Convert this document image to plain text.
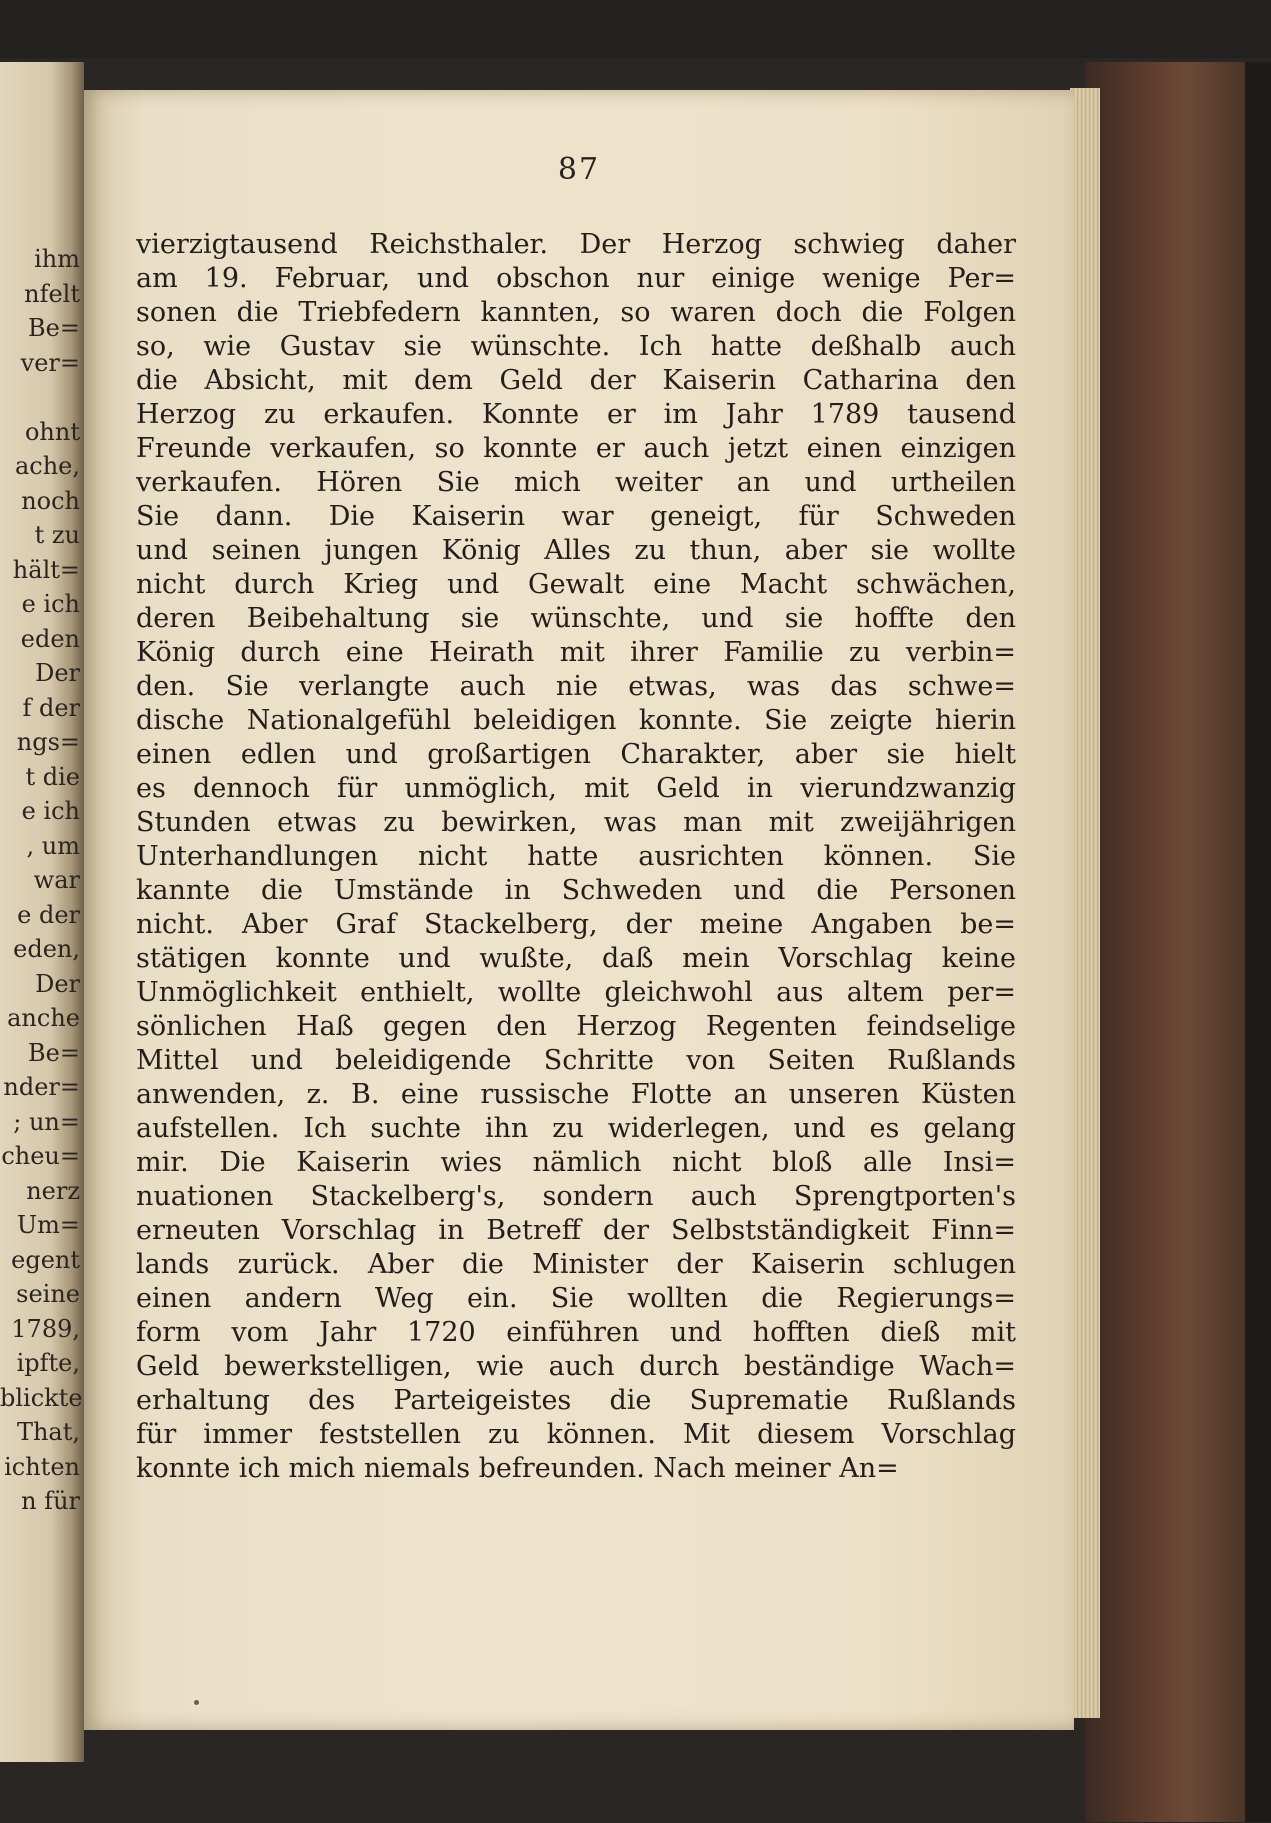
ihm
nfelt
Be=
ver=

ohnt
ache,
noch
t zu
hält=
e ich
eden
Der
f der
ngs=
t die
e ich
, um
war
e der
eden,
Der
anche
Be=
nder=
; un=
cheu=
nerz
Um=
egent
seine
1789,
ipfte,
blickte
That,
ichten
n für
87
vierzigtausend Reichsthaler. Der Herzog schwieg daher
am 19. Februar, und obschon nur einige wenige Per=
sonen die Triebfedern kannten, so waren doch die Folgen
so, wie Gustav sie wünschte. Ich hatte deßhalb auch
die Absicht, mit dem Geld der Kaiserin Catharina den
Herzog zu erkaufen. Konnte er im Jahr 1789 tausend
Freunde verkaufen, so konnte er auch jetzt einen einzigen
verkaufen. Hören Sie mich weiter an und urtheilen
Sie dann. Die Kaiserin war geneigt, für Schweden
und seinen jungen König Alles zu thun, aber sie wollte
nicht durch Krieg und Gewalt eine Macht schwächen,
deren Beibehaltung sie wünschte, und sie hoffte den
König durch eine Heirath mit ihrer Familie zu verbin=
den. Sie verlangte auch nie etwas, was das schwe=
dische Nationalgefühl beleidigen konnte. Sie zeigte hierin
einen edlen und großartigen Charakter, aber sie hielt
es dennoch für unmöglich, mit Geld in vierundzwanzig
Stunden etwas zu bewirken, was man mit zweijährigen
Unterhandlungen nicht hatte ausrichten können. Sie
kannte die Umstände in Schweden und die Personen
nicht. Aber Graf Stackelberg, der meine Angaben be=
stätigen konnte und wußte, daß mein Vorschlag keine
Unmöglichkeit enthielt, wollte gleichwohl aus altem per=
sönlichen Haß gegen den Herzog Regenten feindselige
Mittel und beleidigende Schritte von Seiten Rußlands
anwenden, z. B. eine russische Flotte an unseren Küsten
aufstellen. Ich suchte ihn zu widerlegen, und es gelang
mir. Die Kaiserin wies nämlich nicht bloß alle Insi=
nuationen Stackelberg's, sondern auch Sprengtporten's
erneuten Vorschlag in Betreff der Selbstständigkeit Finn=
lands zurück. Aber die Minister der Kaiserin schlugen
einen andern Weg ein. Sie wollten die Regierungs=
form vom Jahr 1720 einführen und hofften dieß mit
Geld bewerkstelligen, wie auch durch beständige Wach=
erhaltung des Parteigeistes die Suprematie Rußlands
für immer feststellen zu können. Mit diesem Vorschlag
konnte ich mich niemals befreunden. Nach meiner An=
